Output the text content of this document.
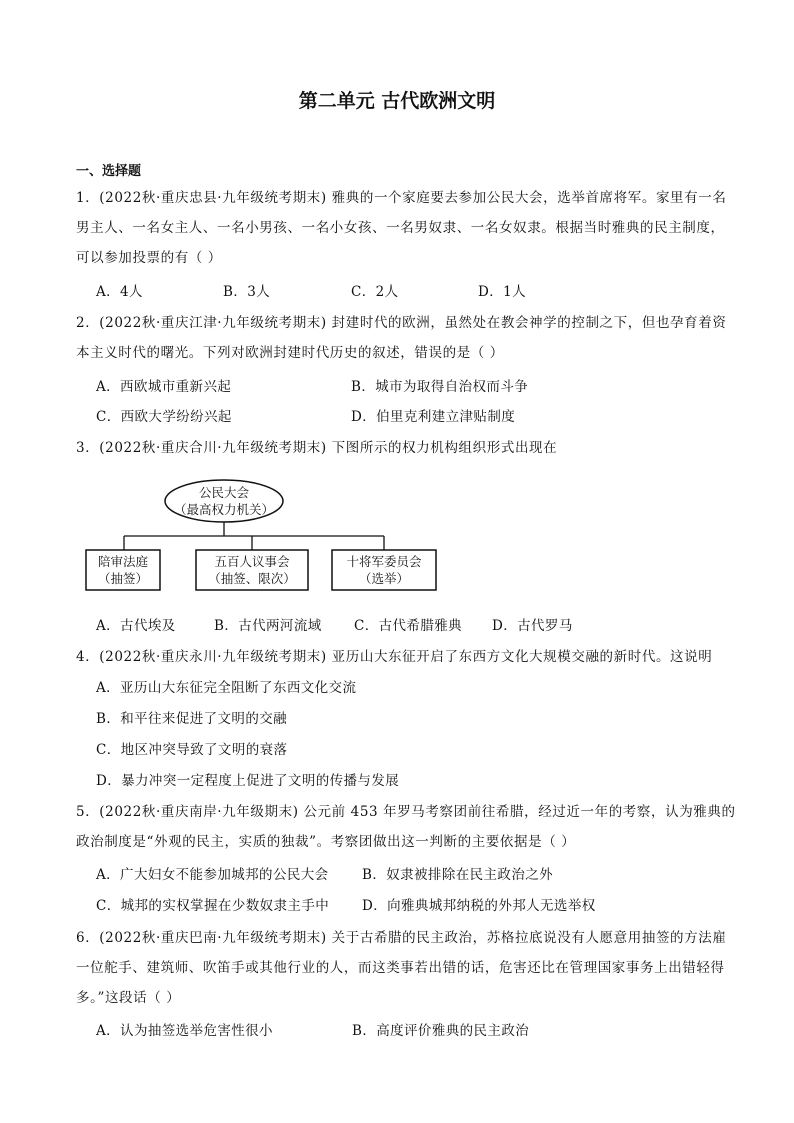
第二单元 古代欧洲文明
一、选择题
1．(2022秋·重庆忠县·九年级统考期末) 雅典的一个家庭要去参加公民大会，选举首席将军。家里有一名
男主人、一名女主人、一名小男孩、一名小女孩、一名男奴隶、一名女奴隶。根据当时雅典的民主制度，
可以参加投票的有（ ）
A．4人	B．3人	C．2人	D．1人
2．(2022秋·重庆江津·九年级统考期末) 封建时代的欧洲，虽然处在教会神学的控制之下，但也孕育着资
本主义时代的曙光。下列对欧洲封建时代历史的叙述，错误的是（ ）
A．西欧城市重新兴起	B．城市为取得自治权而斗争
C．西欧大学纷纷兴起	D．伯里克利建立津贴制度
3．(2022秋·重庆合川·九年级统考期末) 下图所示的权力机构组织形式出现在
公民大会
（最高权力机关）
陪审法庭
（抽签）
五百人议事会
（抽签、限次）
十将军委员会
（选举）
A．古代埃及	B．古代两河流域 C．古代希腊雅典 D．古代罗马
4．(2022秋·重庆永川·九年级统考期末) 亚历山大东征开启了东西方文化大规模交融的新时代。这说明
A．亚历山大东征完全阻断了东西文化交流
B．和平往来促进了文明的交融
C．地区冲突导致了文明的衰落
D．暴力冲突一定程度上促进了文明的传播与发展
5．(2022秋·重庆南岸·九年级期末) 公元前 453 年罗马考察团前往希腊，经过近一年的考察，认为雅典的
政治制度是“外观的民主，实质的独裁”。考察团做出这一判断的主要依据是（ ）
A．广大妇女不能参加城邦的公民大会 B．奴隶被排除在民主政治之外
C．城邦的实权掌握在少数奴隶主手中 D．向雅典城邦纳税的外邦人无选举权
6．(2022秋·重庆巴南·九年级统考期末) 关于古希腊的民主政治，苏格拉底说没有人愿意用抽签的方法雇
一位舵手、建筑师、吹笛手或其他行业的人，而这类事若出错的话，危害还比在管理国家事务上出错轻得
多。”这段话（ ）
A．认为抽签选举危害性很小	B．高度评价雅典的民主政治
